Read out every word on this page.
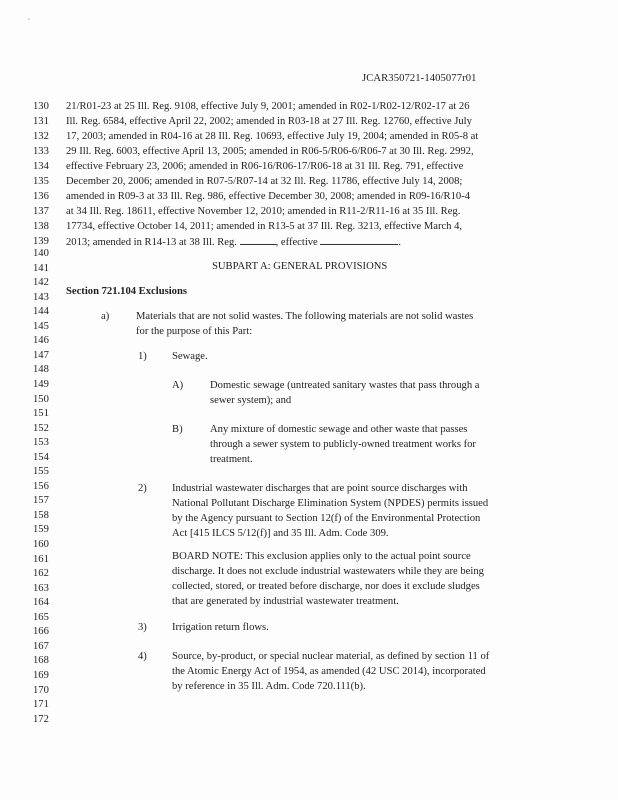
JCAR350721-1405077r01
130
131
132
133
134
135
136
137
138
139
140
141
142
143
144
145
146
147
148
149
150
151
152
153
154
155
156
157
158
159
160
161
162
163
164
165
166
167
168
169
170
171
172
21/R01-23 at 25 Ill. Reg. 9108, effective July 9, 2001; amended in R02-1/R02-12/R02-17 at 26
Ill. Reg. 6584, effective April 22, 2002; amended in R03-18 at 27 Ill. Reg. 12760, effective July
17, 2003; amended in R04-16 at 28 Ill. Reg. 10693, effective July 19, 2004; amended in R05-8 at
29 Ill. Reg. 6003, effective April 13, 2005; amended in R06-5/R06-6/R06-7 at 30 Ill. Reg. 2992,
effective February 23, 2006; amended in R06-16/R06-17/R06-18 at 31 Ill. Reg. 791, effective
December 20, 2006; amended in R07-5/R07-14 at 32 Ill. Reg. 11786, effective July 14, 2008;
amended in R09-3 at 33 Ill. Reg. 986, effective December 30, 2008; amended in R09-16/R10-4
at 34 Ill. Reg. 18611, effective November 12, 2010; amended in R11-2/R11-16 at 35 Ill. Reg.
17734, effective October 14, 2011; amended in R13-5 at 37 Ill. Reg. 3213, effective March 4,
2013; amended in R14-13 at 38 Ill. Reg.	, effective	.
SUBPART A: GENERAL PROVISIONS
Section 721.104 Exclusions
a)	Materials that are not solid wastes. The following materials are not solid wastes
for the purpose of this Part:
1) Sewage.
A)	Domestic sewage (untreated sanitary wastes that pass through a
sewer system); and
B)	Any mixture of domestic sewage and other waste that passes
through a sewer system to publicly-owned treatment works for
treatment.
2) Industrial wastewater discharges that are point source discharges with
National Pollutant Discharge Elimination System (NPDES) permits issued
by the Agency pursuant to Section 12(f) of the Environmental Protection
Act [415 ILCS 5/12(f)] and 35 Ill. Adm. Code 309.
BOARD NOTE: This exclusion applies only to the actual point source
discharge. It does not exclude industrial wastewaters while they are being
collected, stored, or treated before discharge, nor does it exclude sludges
that are generated by industrial wastewater treatment.
3) Irrigation return flows.
4) Source, by-product, or special nuclear material, as defined by section 11 of
the Atomic Energy Act of 1954, as amended (42 USC 2014), incorporated
by reference in 35 Ill. Adm. Code 720.111(b).
